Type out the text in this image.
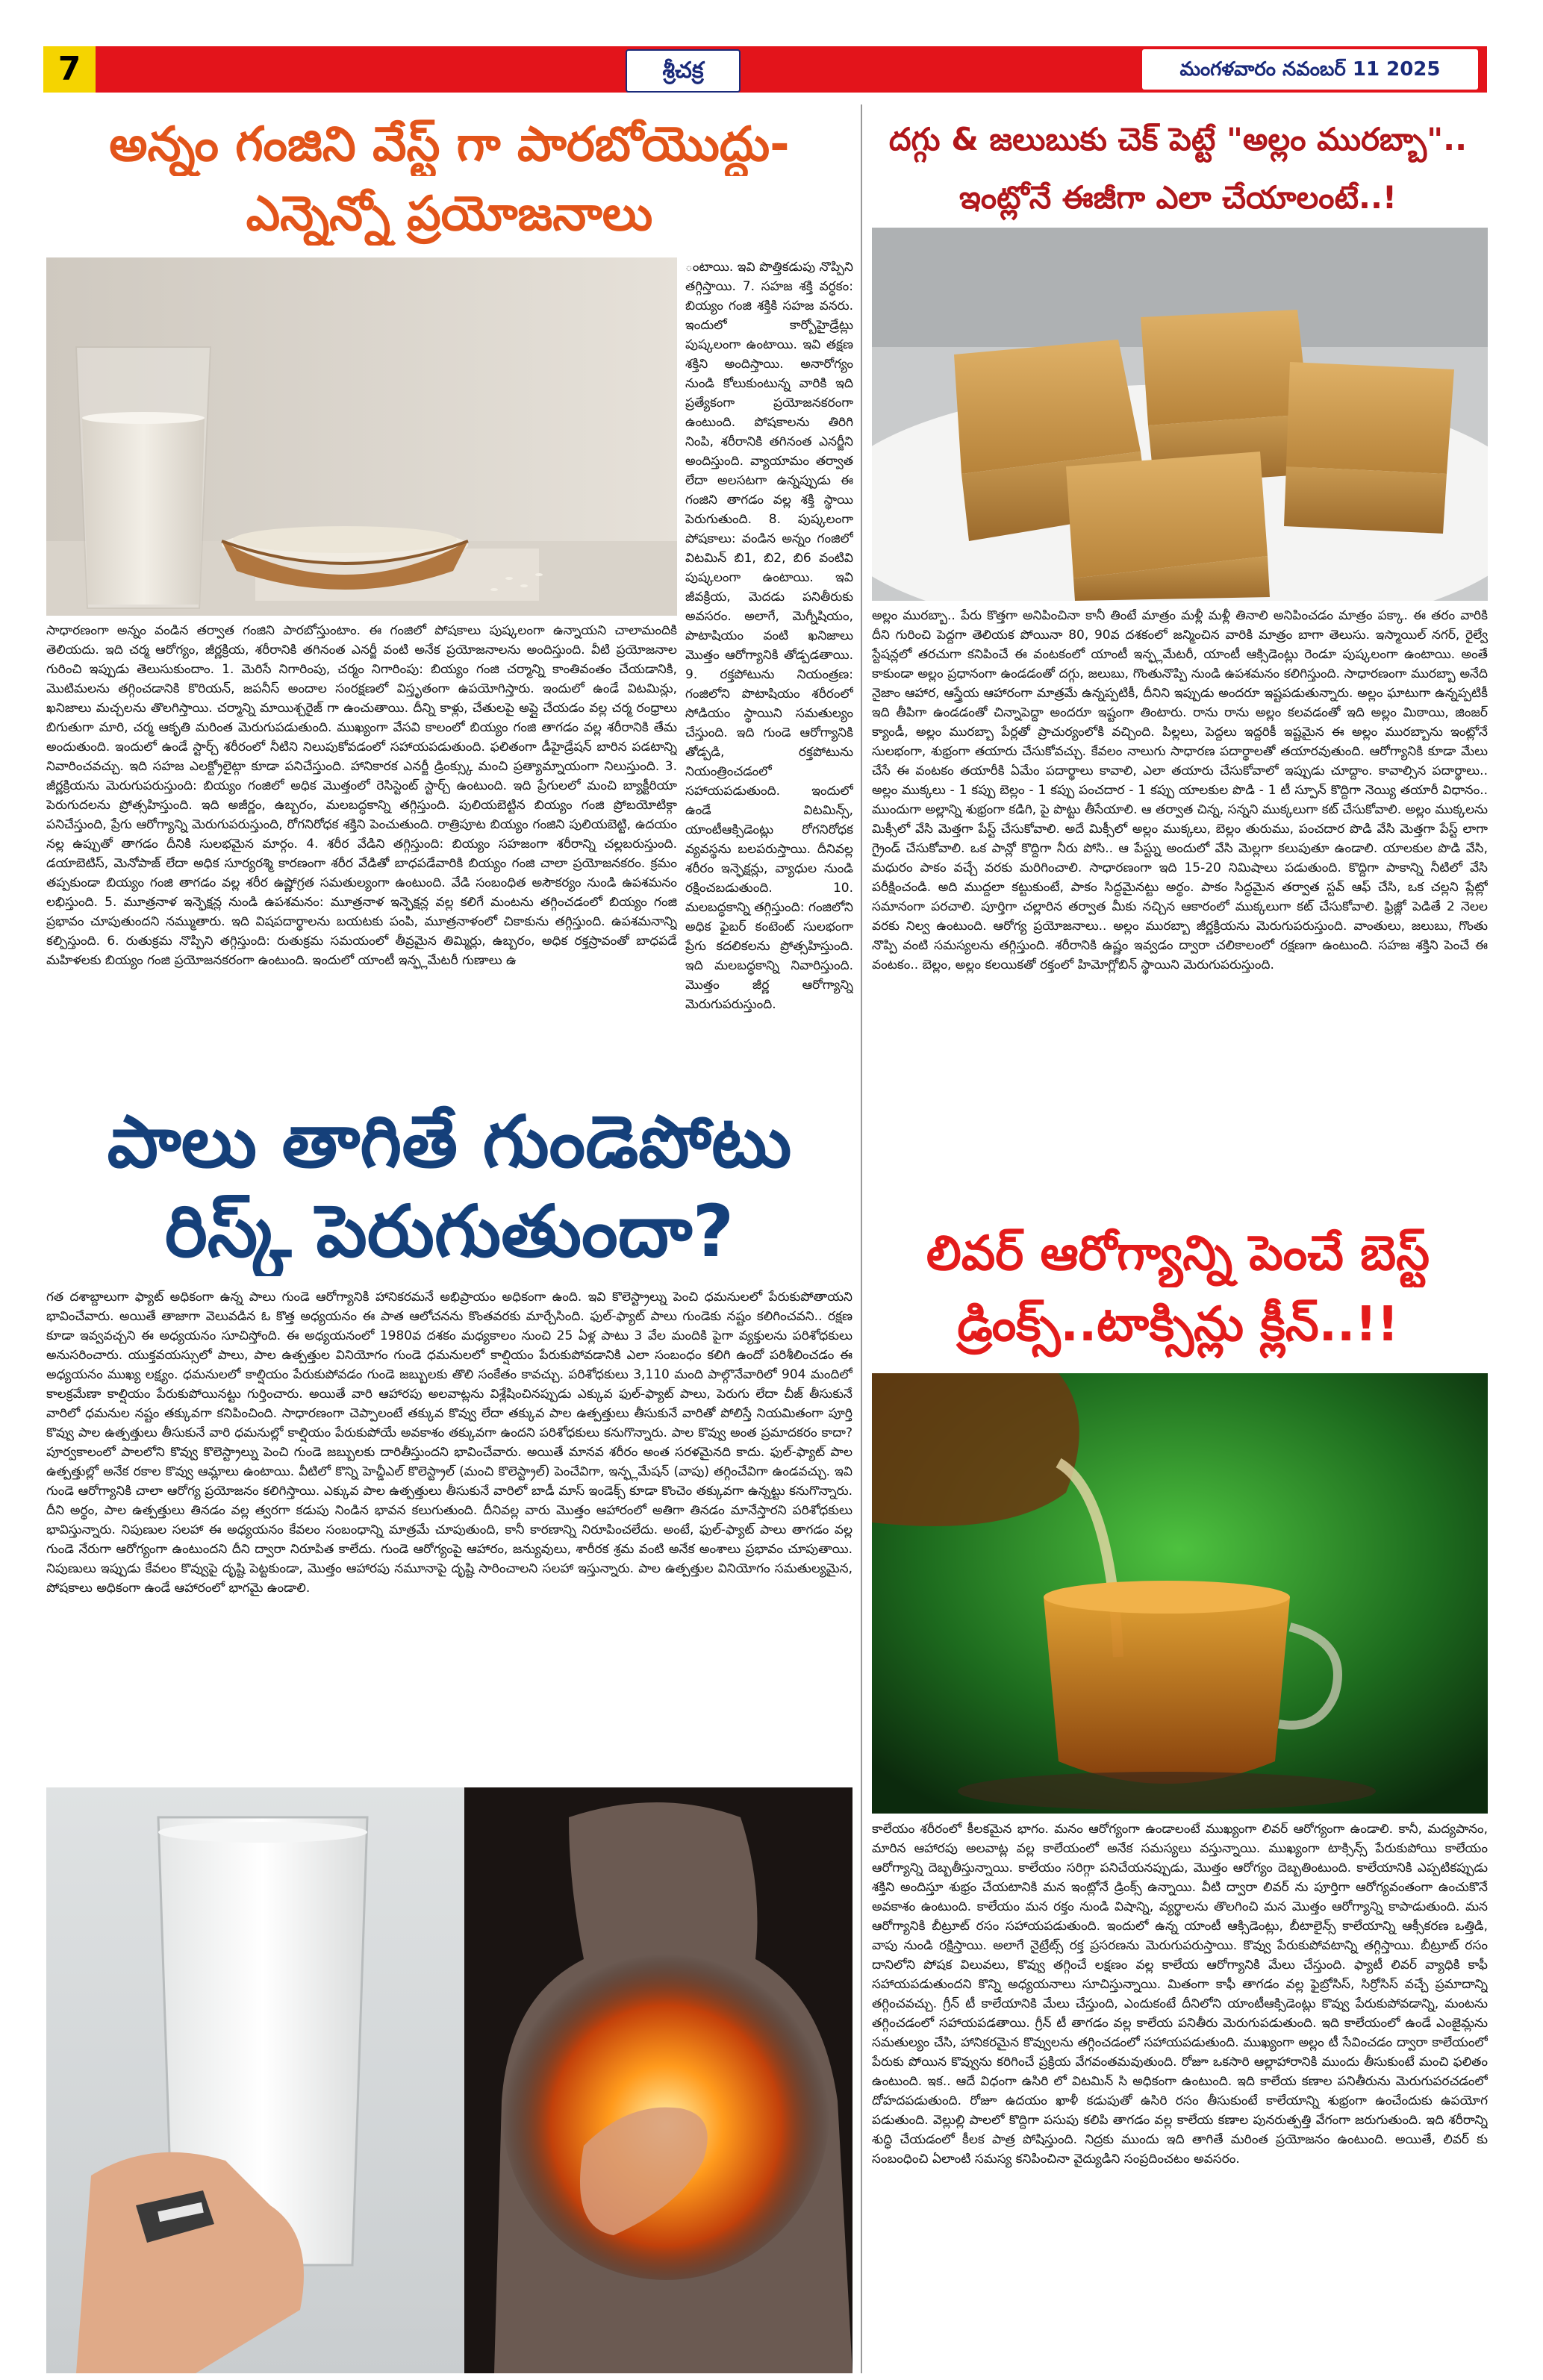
7	శ్రీచక్ర	మంగళవారం నవంబర్ 11 2025
అన్నం గంజిని వేస్ట్ గా పారబోయొద్దు-
ఎన్నెన్నో ప్రయోజనాలు
ంటాయి. ఇవి పొత్తికడుపు నొప్పిని తగ్గిస్తాయి. 7. సహజ శక్తి వర్ధకం: బియ్యం గంజి శక్తికి సహజ వనరు. ఇందులో కార్బోహైడ్రేట్లు పుష్కలంగా ఉంటాయి. ఇవి తక్షణ శక్తిని అందిస్తాయి. అనారోగ్యం నుండి కోలుకుంటున్న వారికి ఇది ప్రత్యేకంగా ప్రయోజనకరంగా ఉంటుంది. పోషకాలను తిరిగి నింపి, శరీరానికి తగినంత ఎనర్జీని అందిస్తుంది. వ్యాయామం తర్వాత లేదా అలసటగా ఉన్నప్పుడు ఈ గంజిని తాగడం వల్ల శక్తి స్థాయి పెరుగుతుంది. 8. పుష్కలంగా పోషకాలు: వండిన అన్నం గంజిలో విటమిన్ బి1, బి2, బి6 వంటివి పుష్కలంగా ఉంటాయి. ఇవి జీవక్రియ, మెదడు పనితీరుకు అవసరం. అలాగే, మెగ్నీషియం, పొటాషియం వంటి ఖనిజాలు మొత్తం ఆరోగ్యానికి తోడ్పడతాయి. 9. రక్తపోటును నియంత్రణ: గంజిలోని పొటాషియం శరీరంలో సోడియం స్థాయిని సమతుల్యం చేస్తుంది. ఇది గుండె ఆరోగ్యానికి తోడ్పడి, రక్తపోటును నియంత్రించడంలో సహాయపడుతుంది. ఇందులో ఉండే విటమిన్స్, యాంటీఆక్సిడెంట్లు రోగనిరోధక వ్యవస్థను బలపరుస్తాయి. దీనివల్ల శరీరం ఇన్ఫెక్షన్లు, వ్యాధుల నుండి రక్షించబడుతుంది. 10. మలబద్ధకాన్ని తగ్గిస్తుంది: గంజిలోని అధిక ఫైబర్ కంటెంట్ సులభంగా ప్రేగు కదలికలను ప్రోత్సహిస్తుంది. ఇది మలబద్ధకాన్ని నివారిస్తుంది. మొత్తం జీర్ణ ఆరోగ్యాన్ని మెరుగుపరుస్తుంది.
సాధారణంగా అన్నం వండిన తర్వాత గంజిని పారబోస్తుంటాం. ఈ గంజిలో పోషకాలు పుష్కలంగా ఉన్నాయని చాలామందికి తెలియదు. ఇది చర్మ ఆరోగ్యం, జీర్ణక్రియ, శరీరానికి తగినంత ఎనర్జీ వంటి అనేక ప్రయోజనాలను అందిస్తుంది. వీటి ప్రయోజనాల గురించి ఇప్పుడు తెలుసుకుందాం. 1. మెరిసే నిగారింపు, చర్మం నిగారింపు: బియ్యం గంజి చర్మాన్ని కాంతివంతం చేయడానికి, మొటిమలను తగ్గించడానికి కొరియన్, జపనీస్ అందాల సంరక్షణలో విస్తృతంగా ఉపయోగిస్తారు. ఇందులో ఉండే విటమిన్లు, ఖనిజాలు మచ్చలను తొలగిస్తాయి. చర్మాన్ని మాయిశ్చరైజ్ గా ఉంచుతాయి. దీన్ని కాళ్లు, చేతులపై అప్లై చేయడం వల్ల చర్మ రంధ్రాలు బిగుతుగా మారి, చర్మ ఆకృతి మరింత మెరుగుపడుతుంది. ముఖ్యంగా వేసవి కాలంలో బియ్యం గంజి తాగడం వల్ల శరీరానికి తేమ అందుతుంది. ఇందులో ఉండే స్టార్చ్ శరీరంలో నీటిని నిలుపుకోవడంలో సహాయపడుతుంది. ఫలితంగా డీహైడ్రేషన్ బారిన పడటాన్ని నివారించవచ్చు. ఇది సహజ ఎలక్ట్రోలైట్గా కూడా పనిచేస్తుంది. హానికారక ఎనర్జీ డ్రింక్స్కు మంచి ప్రత్యామ్నాయంగా నిలుస్తుంది. 3. జీర్ణక్రియను మెరుగుపరుస్తుంది: బియ్యం గంజిలో అధిక మొత్తంలో రెసిస్టెంట్ స్టార్చ్ ఉంటుంది. ఇది ప్రేగులలో మంచి బ్యాక్టీరియా పెరుగుదలను ప్రోత్సహిస్తుంది. ఇది అజీర్ణం, ఉబ్బరం, మలబద్ధకాన్ని తగ్గిస్తుంది. పులియబెట్టిన బియ్యం గంజి ప్రోబయోటిక్గా పనిచేస్తుంది, ప్రేగు ఆరోగ్యాన్ని మెరుగుపరుస్తుంది, రోగనిరోధక శక్తిని పెంచుతుంది. రాత్రిపూట బియ్యం గంజిని పులియబెట్టి, ఉదయం నల్ల ఉప్పుతో తాగడం దీనికి సులభమైన మార్గం. 4. శరీర వేడిని తగ్గిస్తుంది: బియ్యం సహజంగా శరీరాన్ని చల్లబరుస్తుంది. డయాబెటిస్, మెనోపాజ్ లేదా అధిక సూర్యరశ్మి కారణంగా శరీర వేడితో బాధపడేవారికి బియ్యం గంజి చాలా ప్రయోజనకరం. క్రమం తప్పకుండా బియ్యం గంజి తాగడం వల్ల శరీర ఉష్ణోగ్రత సమతుల్యంగా ఉంటుంది. వేడి సంబంధిత అసౌకర్యం నుండి ఉపశమనం లభిస్తుంది. 5. మూత్రనాళ ఇన్ఫెక్షన్ల నుండి ఉపశమనం: మూత్రనాళ ఇన్ఫెక్షన్ల వల్ల కలిగే మంటను తగ్గించడంలో బియ్యం గంజి ప్రభావం చూపుతుందని నమ్ముతారు. ఇది విషపదార్థాలను బయటకు పంపి, మూత్రనాళంలో చికాకును తగ్గిస్తుంది. ఉపశమనాన్ని కల్పిస్తుంది. 6. రుతుక్రమ నొప్పిని తగ్గిస్తుంది: రుతుక్రమ సమయంలో తీవ్రమైన తిమ్మిర్లు, ఉబ్బరం, అధిక రక్తస్రావంతో బాధపడే మహిళలకు బియ్యం గంజి ప్రయోజనకరంగా ఉంటుంది. ఇందులో యాంటీ ఇన్ఫ్లమేటరీ గుణాలు ఉ
పాలు తాగితే గుండెపోటు
రిస్క్ పెరుగుతుందా?
గత దశాబ్దాలుగా ఫ్యాట్ అధికంగా ఉన్న పాలు గుండె ఆరోగ్యానికి హానికరమనే అభిప్రాయం అధికంగా ఉంది. ఇవి కొలెస్ట్రాల్ను పెంచి ధమనులలో పేరుకుపోతాయని భావించేవారు. అయితే తాజాగా వెలువడిన ఓ కొత్త అధ్యయనం ఈ పాత ఆలోచనను కొంతవరకు మార్చేసింది. ఫుల్-ఫ్యాట్ పాలు గుండెకు నష్టం కలిగించవని.. రక్షణ కూడా ఇవ్వవచ్చని ఈ అధ్యయనం సూచిస్తోంది. ఈ అధ్యయనంలో 1980వ దశకం మధ్యకాలం నుంచి 25 ఏళ్ల పాటు 3 వేల మందికి పైగా వ్యక్తులను పరిశోధకులు అనుసరించారు. యుక్తవయస్సులో పాలు, పాల ఉత్పత్తుల వినియోగం గుండె ధమనులలో కాల్షియం పేరుకుపోవడానికి ఎలా సంబంధం కలిగి ఉందో పరిశీలించడం ఈ అధ్యయనం ముఖ్య లక్ష్యం. ధమనులలో కాల్షియం పేరుకుపోవడం గుండె జబ్బులకు తొలి సంకేతం కావచ్చు. పరిశోధకులు 3,110 మంది పాల్గొనేవారిలో 904 మందిలో కాలక్రమేణా కాల్షియం పేరుకుపోయినట్టు గుర్తించారు. అయితే వారి ఆహారపు అలవాట్లను విశ్లేషించినప్పుడు ఎక్కువ ఫుల్-ఫ్యాట్ పాలు, పెరుగు లేదా చీజ్ తీసుకునే వారిలో ధమనుల నష్టం తక్కువగా కనిపించింది. సాధారణంగా చెప్పాలంటే తక్కువ కొవ్వు లేదా తక్కువ పాల ఉత్పత్తులు తీసుకునే వారితో పోలిస్తే నియమితంగా పూర్తి కొవ్వు పాల ఉత్పత్తులు తీసుకునే వారి ధమనుల్లో కాల్షియం పేరుకుపోయే అవకాశం తక్కువగా ఉందని పరిశోధకులు కనుగొన్నారు. పాల కొవ్వు అంత ప్రమాదకరం కాదా? పూర్వకాలంలో పాలలోని కొవ్వు కొలెస్ట్రాల్ను పెంచి గుండె జబ్బులకు దారితీస్తుందని భావించేవారు. అయితే మానవ శరీరం అంత సరళమైనది కాదు. ఫుల్-ఫ్యాట్ పాల ఉత్పత్తుల్లో అనేక రకాల కొవ్వు ఆమ్లాలు ఉంటాయి. వీటిలో కొన్ని హెచ్డీఎల్ కొలెస్ట్రాల్ (మంచి కొలెస్ట్రాల్) పెంచేవిగా, ఇన్ఫ్లమేషన్ (వాపు) తగ్గించేవిగా ఉండవచ్చు. ఇవి గుండె ఆరోగ్యానికి చాలా ఆరోగ్య ప్రయోజనం కలిగిస్తాయి. ఎక్కువ పాల ఉత్పత్తులు తీసుకునే వారిలో బాడీ మాస్ ఇండెక్స్ కూడా కొంచెం తక్కువగా ఉన్నట్టు కనుగొన్నారు. దీని అర్థం, పాల ఉత్పత్తులు తినడం వల్ల త్వరగా కడుపు నిండిన భావన కలుగుతుంది. దీనివల్ల వారు మొత్తం ఆహారంలో అతిగా తినడం మానేస్తారని పరిశోధకులు భావిస్తున్నారు. నిపుణుల సలహా ఈ అధ్యయనం కేవలం సంబంధాన్ని మాత్రమే చూపుతుంది, కానీ కారణాన్ని నిరూపించలేదు. అంటే, ఫుల్-ఫ్యాట్ పాలు తాగడం వల్ల గుండె నేరుగా ఆరోగ్యంగా ఉంటుందని దీని ద్వారా నిరూపిత కాలేదు. గుండె ఆరోగ్యంపై ఆహారం, జన్యువులు, శారీరక శ్రమ వంటి అనేక అంశాలు ప్రభావం చూపుతాయి. నిపుణులు ఇప్పుడు కేవలం కొవ్వుపై దృష్టి పెట్టకుండా, మొత్తం ఆహారపు నమూనాపై దృష్టి సారించాలని సలహా ఇస్తున్నారు. పాల ఉత్పత్తుల వినియోగం సమతుల్యమైన, పోషకాలు అధికంగా ఉండే ఆహారంలో భాగమై ఉండాలి.
దగ్గు & జలుబుకు చెక్ పెట్టే "అల్లం మురబ్బా"..
ఇంట్లోనే ఈజీగా ఎలా చేయాలంటే..!
అల్లం మురబ్బా.. పేరు కొత్తగా అనిపించినా కానీ తింటే మాత్రం మళ్లీ మళ్లీ తినాలి అనిపించడం మాత్రం పక్కా. ఈ తరం వారికి దీని గురించి పెద్దగా తెలియక పోయినా 80, 90వ దశకంలో జన్మించిన వారికి మాత్రం బాగా తెలుసు. ఇస్మాయిల్ నగర్, రైల్వే స్టేషన్లలో తరచుగా కనిపించే ఈ వంటకంలో యాంటీ ఇన్ఫ్లమేటరీ, యాంటీ ఆక్సిడెంట్లు రెండూ పుష్కలంగా ఉంటాయి. అంతే కాకుండా అల్లం ప్రధానంగా ఉండడంతో దగ్గు, జలుబు, గొంతునొప్పి నుండి ఉపశమనం కలిగిస్తుంది. సాధారణంగా మురబ్బా అనేది నైజాం ఆహార, ఆస్త్రేయ ఆహారంగా మాత్రమే ఉన్నప్పటికీ, దీనిని ఇప్పుడు అందరూ ఇష్టపడుతున్నారు. అల్లం ఘాటుగా ఉన్నప్పటికీ ఇది తీపిగా ఉండడంతో చిన్నాపెద్దా అందరూ ఇష్టంగా తింటారు. రాను రాను అల్లం కలవడంతో ఇది అల్లం మిఠాయి, జింజర్ క్యాండీ, అల్లం మురబ్బా పేర్లతో ప్రాచుర్యంలోకి వచ్చింది. పిల్లలు, పెద్దలు ఇద్దరికీ ఇష్టమైన ఈ అల్లం మురబ్బాను ఇంట్లోనే సులభంగా, శుభ్రంగా తయారు చేసుకోవచ్చు. కేవలం నాలుగు సాధారణ పదార్థాలతో తయారవుతుంది. ఆరోగ్యానికి కూడా మేలు చేసే ఈ వంటకం తయారీకి ఏమేం పదార్థాలు కావాలి, ఎలా తయారు చేసుకోవాలో ఇప్పుడు చూద్దాం. కావాల్సిన పదార్థాలు.. అల్లం ముక్కలు - 1 కప్పు బెల్లం - 1 కప్పు పంచదార - 1 కప్పు యాలకుల పొడి - 1 టీ స్పూన్ కొద్దిగా నెయ్యి తయారీ విధానం.. ముందుగా అల్లాన్ని శుభ్రంగా కడిగి, పై పొట్టు తీసేయాలి. ఆ తర్వాత చిన్న, సన్నని ముక్కలుగా కట్ చేసుకోవాలి. అల్లం ముక్కలను మిక్సీలో వేసి మెత్తగా పేస్ట్ చేసుకోవాలి. అదే మిక్సీలో అల్లం ముక్కలు, బెల్లం తురుము, పంచదార పొడి వేసి మెత్తగా పేస్ట్ లాగా గ్రైండ్ చేసుకోవాలి. ఒక పాన్లో కొద్దిగా నీరు పోసి.. ఆ పేస్ట్ను అందులో వేసి మెల్లగా కలుపుతూ ఉండాలి. యాలకుల పొడి వేసి, మధురం పాకం వచ్చే వరకు మరిగించాలి. సాధారణంగా ఇది 15-20 నిమిషాలు పడుతుంది. కొద్దిగా పాకాన్ని నీటిలో వేసి పరీక్షించండి. అది ముద్దలా కట్టుకుంటే, పాకం సిద్ధమైనట్టు అర్థం. పాకం సిద్ధమైన తర్వాత స్టవ్ ఆఫ్ చేసి, ఒక చల్లని ప్లేట్లో సమానంగా పరచాలి. పూర్తిగా చల్లారిన తర్వాత మీకు నచ్చిన ఆకారంలో ముక్కలుగా కట్ చేసుకోవాలి. ఫ్రిజ్లో పెడితే 2 నెలల వరకు నిల్వ ఉంటుంది. ఆరోగ్య ప్రయోజనాలు.. అల్లం మురబ్బా జీర్ణక్రియను మెరుగుపరుస్తుంది. వాంతులు, జలుబు, గొంతు నొప్పి వంటి సమస్యలను తగ్గిస్తుంది. శరీరానికి ఉష్ణం ఇవ్వడం ద్వారా చలికాలంలో రక్షణగా ఉంటుంది. సహజ శక్తిని పెంచే ఈ వంటకం.. బెల్లం, అల్లం కలయికతో రక్తంలో హిమోగ్లోబిన్ స్థాయిని మెరుగుపరుస్తుంది.
లివర్ ఆరోగ్యాన్ని పెంచే బెస్ట్
డ్రింక్స్..టాక్సిన్లు క్లీన్..!!
కాలేయం శరీరంలో కీలకమైన భాగం. మనం ఆరోగ్యంగా ఉండాలంటే ముఖ్యంగా లివర్ ఆరోగ్యంగా ఉండాలి. కానీ, మద్యపానం, మారిన ఆహారపు అలవాట్ల వల్ల కాలేయంలో అనేక సమస్యలు వస్తున్నాయి. ముఖ్యంగా టాక్సిన్స్ పేరుకుపోయి కాలేయం ఆరోగ్యాన్ని దెబ్బతీస్తున్నాయి. కాలేయం సరిగ్గా పనిచేయనప్పుడు, మొత్తం ఆరోగ్యం దెబ్బతింటుంది. కాలేయానికి ఎప్పటికప్పుడు శక్తిని అందిస్తూ శుభ్రం చేయటానికి మన ఇంట్లోనే డ్రింక్స్ ఉన్నాయి. వీటి ద్వారా లివర్ ను పూర్తిగా ఆరోగ్యవంతంగా ఉంచుకొనే అవకాశం ఉంటుంది. కాలేయం మన రక్తం నుండి విషాన్ని, వ్యర్థాలను తొలగించి మన మొత్తం ఆరోగ్యాన్ని కాపాడుతుంది. మన ఆరోగ్యానికి బీట్రూట్ రసం సహాయపడుతుంది. ఇందులో ఉన్న యాంటీ ఆక్సిడెంట్లు, బీటాలైన్స్ కాలేయాన్ని ఆక్సీకరణ ఒత్తిడి, వాపు నుండి రక్షిస్తాయి. అలాగే నైట్రేట్స్ రక్త ప్రసరణను మెరుగుపరుస్తాయి. కొవ్వు పేరుకుపోవటాన్ని తగ్గిస్తాయి. బీట్రూట్ రసం దానిలోని పోషక విలువలు, కొవ్వు తగ్గించే లక్షణం వల్ల కాలేయ ఆరోగ్యానికి మేలు చేస్తుంది. ఫ్యాటీ లివర్ వ్యాధికి కాఫీ సహాయపడుతుందని కొన్ని అధ్యయనాలు సూచిస్తున్నాయి. మితంగా కాఫీ తాగడం వల్ల ఫైబ్రోసిస్, సిర్రోసిస్ వచ్చే ప్రమాదాన్ని తగ్గించవచ్చు. గ్రీన్ టీ కాలేయానికి మేలు చేస్తుంది, ఎందుకంటే దీనిలోని యాంటీఆక్సిడెంట్లు కొవ్వు పేరుకుపోవడాన్ని, మంటను తగ్గించడంలో సహాయపడతాయి. గ్రీన్ టీ తాగడం వల్ల కాలేయ పనితీరు మెరుగుపడుతుంది. ఇది కాలేయంలో ఉండే ఎంజైమ్లను సమతుల్యం చేసి, హానికరమైన కొవ్వులను తగ్గించడంలో సహాయపడుతుంది. ముఖ్యంగా అల్లం టీ సేవించడం ద్వారా కాలేయంలో పేరుకు పోయిన కొవ్వును కరిగించే ప్రక్రియ వేగవంతమవుతుంది. రోజూ ఒకసారి ఆల్లాహారానికి ముందు తీసుకుంటే మంచి ఫలితం ఉంటుంది. ఇక.. ఆదే విధంగా ఉసిరి లో విటమిన్ సి అధికంగా ఉంటుంది. ఇది కాలేయ కణాల పనితీరును మెరుగుపరచడంలో దోహదపడుతుంది. రోజూ ఉదయం ఖాళీ కడుపుతో ఉసిరి రసం తీసుకుంటే కాలేయాన్ని శుభ్రంగా ఉంచేందుకు ఉపయోగ పడుతుంది. వెల్లుల్లి పాలలో కొద్దిగా పసుపు కలిపి తాగడం వల్ల కాలేయ కణాల పునరుత్పత్తి వేగంగా జరుగుతుంది. ఇది శరీరాన్ని శుద్ధి చేయడంలో కీలక పాత్ర పోషిస్తుంది. నిద్రకు ముందు ఇది తాగితే మరింత ప్రయోజనం ఉంటుంది. అయితే, లివర్ కు సంబంధించి ఏలాంటి సమస్య కనిపించినా వైద్యుడిని సంప్రదించటం అవసరం.
